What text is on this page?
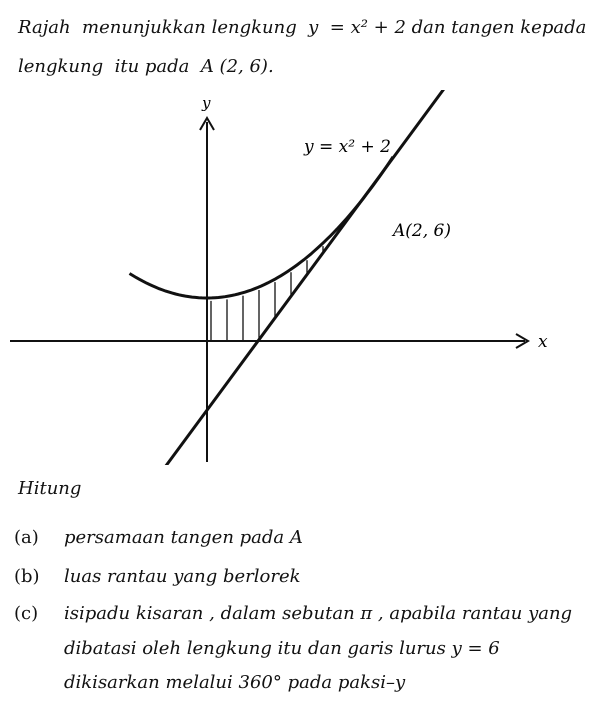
Rajah  menunjukkan lengkung  y  = x² + 2 dan tangen kepada
lengkung  itu pada  A (2, 6).
y
x
y = x² + 2
A(2, 6)
Hitung
(a) persamaan tangen pada A
(b) luas rantau yang berlorek
(c) isipadu kisaran , dalam sebutan π , apabila rantau yang
dibatasi oleh lengkung itu dan garis lurus y = 6
dikisarkan melalui 360° pada paksi–y
